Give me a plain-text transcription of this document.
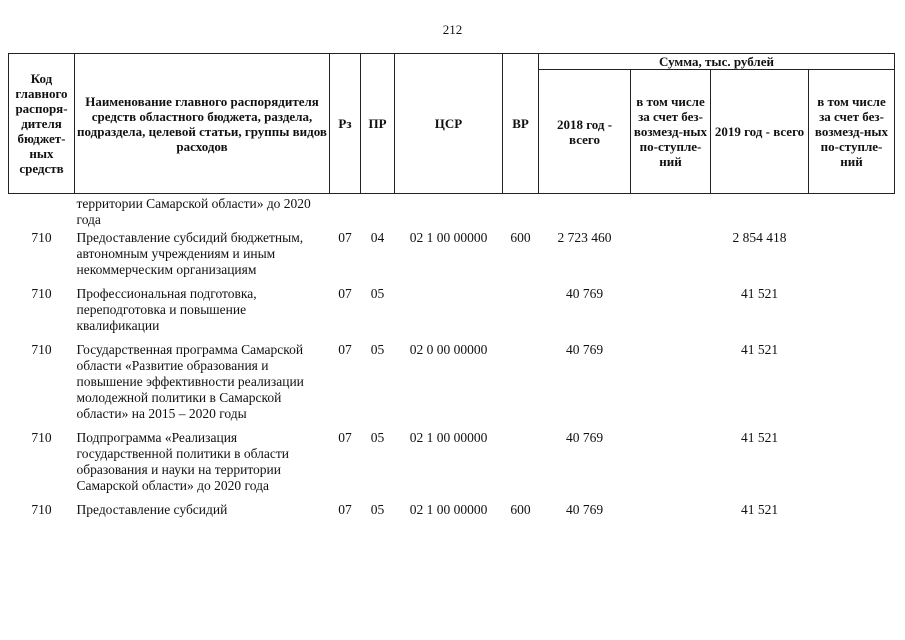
212
Код главного распоря-дителя бюджет-ных средств	Наименование главного распорядителя средств областного бюджета, раздела, подраздела, целевой статьи, группы видов расходов	Рз	ПР	ЦСР	ВР	Сумма, тыс. рублей			
						2018 год - всего	в том числе за счет без-возмезд-ных по-ступле-ний	2019 год - всего	в том числе за счет без-возмезд-ных по-ступле-ний
	территории Самарской области» до 2020 года								
710	Предоставление субсидий бюджетным, автономным учреждениям и иным некоммерческим организациям	07	04	02 1 00 00000	600	2 723 460		2 854 418	
710	Профессиональная подготовка, переподготовка и повышение квалификации	07	05			40 769		41 521	
710	Государственная программа Самарской области «Развитие образования и повышение эффективности реализации молодежной политики в Самарской области» на 2015 – 2020 годы	07	05	02 0 00 00000		40 769		41 521	
710	Подпрограмма «Реализация государственной политики в области образования и науки на территории Самарской области» до 2020 года	07	05	02 1 00 00000		40 769		41 521	
710	Предоставление субсидий	07	05	02 1 00 00000	600	40 769		41 521	
